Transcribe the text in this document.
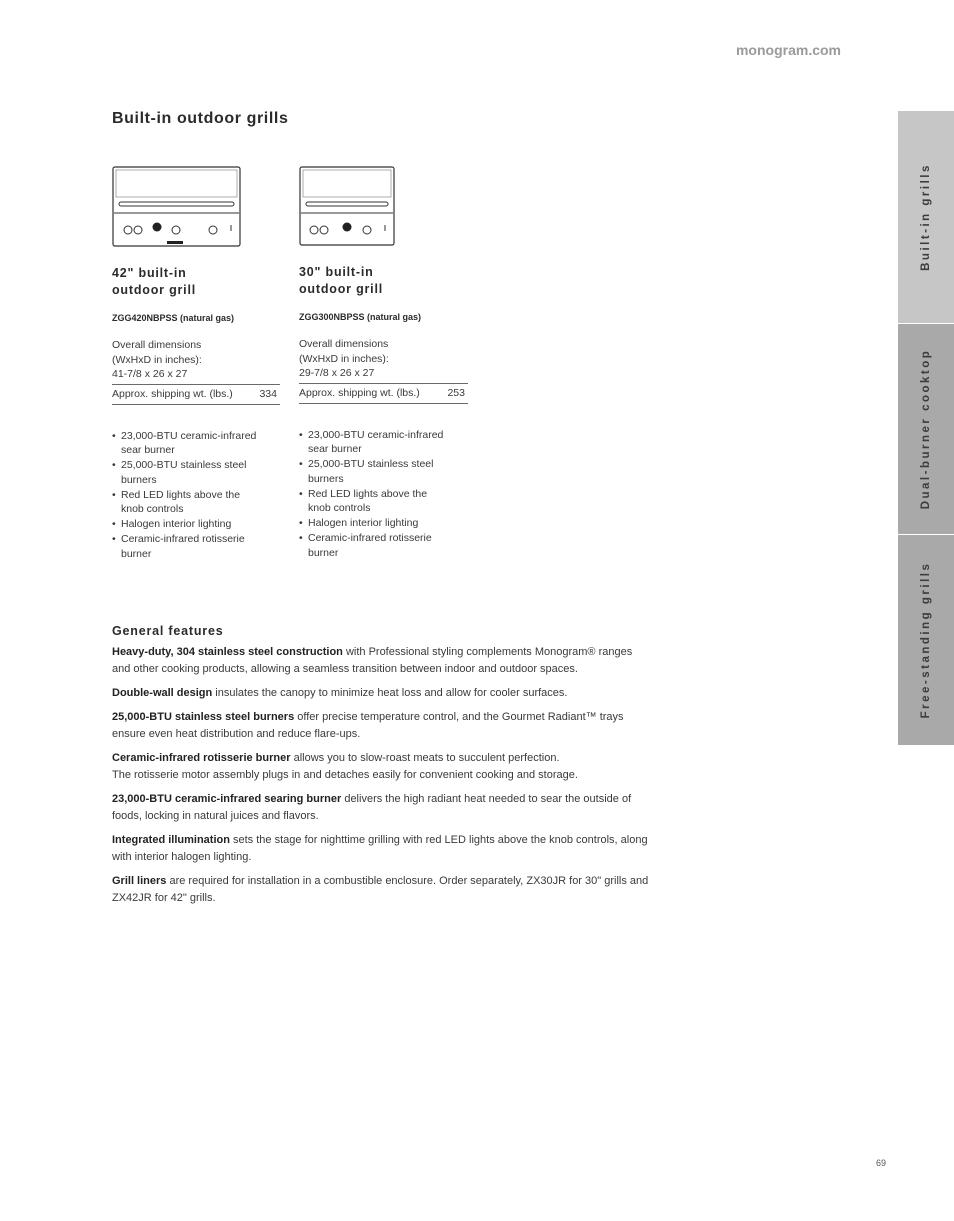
monogram.com
Built-in outdoor grills
42" built-in
outdoor grill
ZGG420NBPSS (natural gas)
Overall dimensions
(WxHxD in inches):
41-7/8 x 26 x 27
Approx. shipping wt. (lbs.)	334
• 23,000-BTU ceramic-infrared
sear burner
• 25,000-BTU stainless steel
burners
• Red LED lights above the
knob controls
• Halogen interior lighting
• Ceramic-infrared rotisserie
burner
30" built-in
outdoor grill
ZGG300NBPSS (natural gas)
Overall dimensions
(WxHxD in inches):
29-7/8 x 26 x 27
Approx. shipping wt. (lbs.)	253
• 23,000-BTU ceramic-infrared
sear burner
• 25,000-BTU stainless steel
burners
• Red LED lights above the
knob controls
• Halogen interior lighting
• Ceramic-infrared rotisserie
burner
General features

Heavy-duty, 304 stainless steel construction with Professional styling complements Monogram® ranges and other cooking products, allowing a seamless transition between indoor and outdoor spaces.

Double-wall design insulates the canopy to minimize heat loss and allow for cooler surfaces.

25,000-BTU stainless steel burners offer precise temperature control, and the Gourmet Radiant™ trays ensure even heat distribution and reduce flare-ups.

Ceramic-infrared rotisserie burner allows you to slow-roast meats to succulent perfection.
The rotisserie motor assembly plugs in and detaches easily for convenient cooking and storage.

23,000-BTU ceramic-infrared searing burner delivers the high radiant heat needed to sear the outside of foods, locking in natural juices and flavors.

Integrated illumination sets the stage for nighttime grilling with red LED lights above the knob controls, along with interior halogen lighting.

Grill liners are required for installation in a combustible enclosure. Order separately, ZX30JR for 30" grills and ZX42JR for 42" grills.

Built-in grills
Dual-burner cooktop
Free-standing grills
69
